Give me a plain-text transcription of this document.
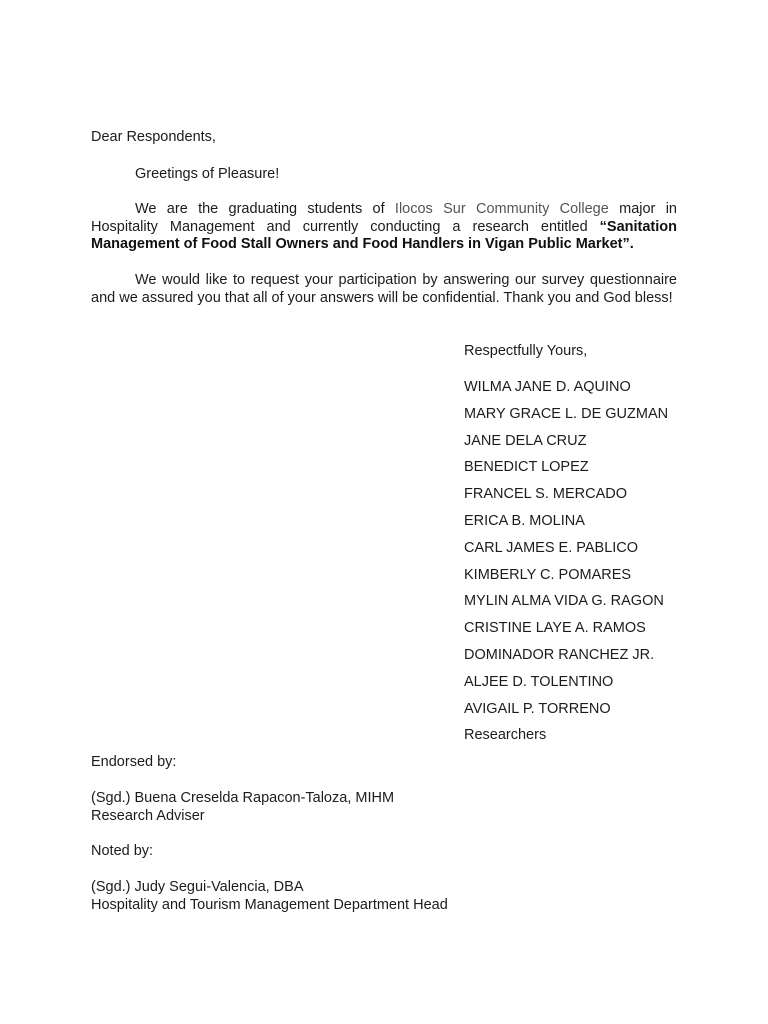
Dear Respondents,
Greetings of Pleasure!
We are the graduating students of Ilocos Sur Community College major in Hospitality Management and currently conducting a research entitled “Sanitation Management of Food Stall Owners and Food Handlers in Vigan Public Market”.
We would like to request your participation by answering our survey questionnaire and we assured you that all of your answers will be confidential. Thank you and God bless!
Respectfully Yours,
WILMA JANE D. AQUINO
MARY GRACE L. DE GUZMAN
JANE DELA CRUZ
BENEDICT LOPEZ
FRANCEL S. MERCADO
ERICA B. MOLINA
CARL JAMES E. PABLICO
KIMBERLY C. POMARES
MYLIN ALMA VIDA G. RAGON
CRISTINE LAYE A. RAMOS
DOMINADOR RANCHEZ JR.
ALJEE D. TOLENTINO
AVIGAIL P. TORRENO
Researchers
Endorsed by:
(Sgd.) Buena Creselda Rapacon-Taloza, MIHM
Research Adviser
Noted by:
(Sgd.) Judy Segui-Valencia, DBA
Hospitality and Tourism Management Department Head
